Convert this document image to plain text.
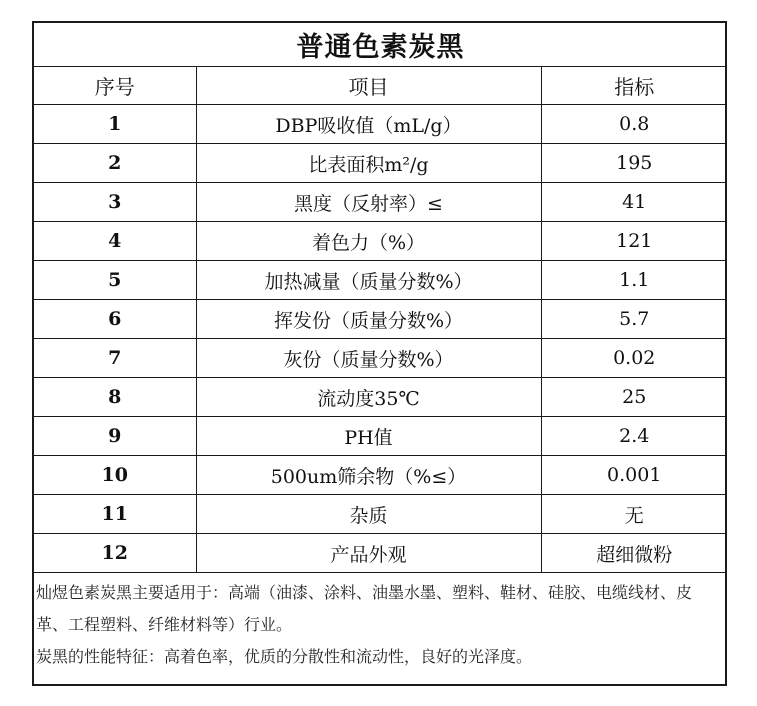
普通色素炭黑		
序号	项目	指标
1	DBP吸收值（mL/g）	0.8
2	比表面积m²/g	195
3	黑度（反射率）≤	41
4	着色力（%）	121
5	加热减量（质量分数%）	1.1
6	挥发份（质量分数%）	5.7
7	灰份（质量分数%）	0.02
8	流动度35℃	25
9	PH值	2.4
10	500um筛余物（%≤）	0.001
11	杂质	无
12	产品外观	超细微粉

灿煜色素炭黑主要适用于：高端（油漆、涂料、油墨水墨、塑料、鞋材、硅胶、电缆线材、皮革、工程塑料、纤维材料等）行业。

炭黑的性能特征：高着色率，优质的分散性和流动性，良好的光泽度。
